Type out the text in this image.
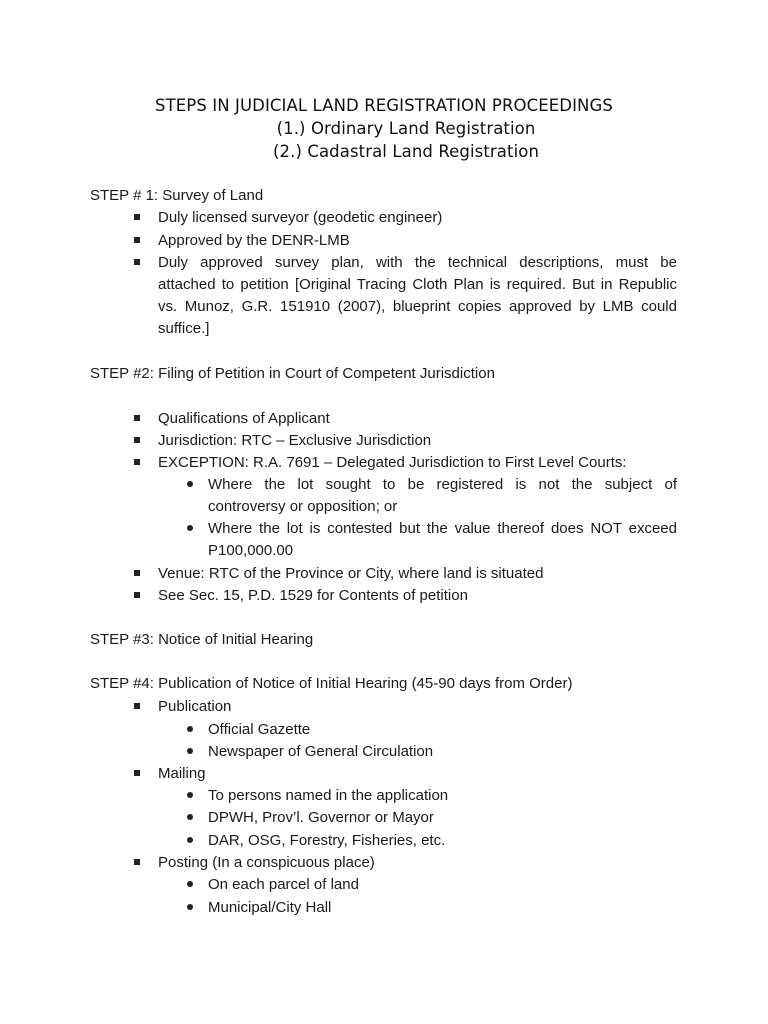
STEPS IN JUDICIAL LAND REGISTRATION PROCEEDINGS
(1.) Ordinary Land Registration
(2.) Cadastral Land Registration
STEP # 1: Survey of Land
Duly licensed surveyor (geodetic engineer)
Approved by the DENR-LMB
Duly approved survey plan, with the technical descriptions, must be
attached to petition [Original Tracing Cloth Plan is required. But in Republic
vs. Munoz, G.R. 151910 (2007), blueprint copies approved by LMB could
suffice.]
STEP #2: Filing of Petition in Court of Competent Jurisdiction
Qualifications of Applicant
Jurisdiction: RTC – Exclusive Jurisdiction
EXCEPTION: R.A. 7691 – Delegated Jurisdiction to First Level Courts:
Where the lot sought to be registered is not the subject of
controversy or opposition; or
Where the lot is contested but the value thereof does NOT exceed
P100,000.00
Venue: RTC of the Province or City, where land is situated
See Sec. 15, P.D. 1529 for Contents of petition
STEP #3: Notice of Initial Hearing
STEP #4: Publication of Notice of Initial Hearing (45-90 days from Order)
Publication
Official Gazette
Newspaper of General Circulation
Mailing
To persons named in the application
DPWH, Prov’l. Governor or Mayor
DAR, OSG, Forestry, Fisheries, etc.
Posting (In a conspicuous place)
On each parcel of land
Municipal/City Hall
